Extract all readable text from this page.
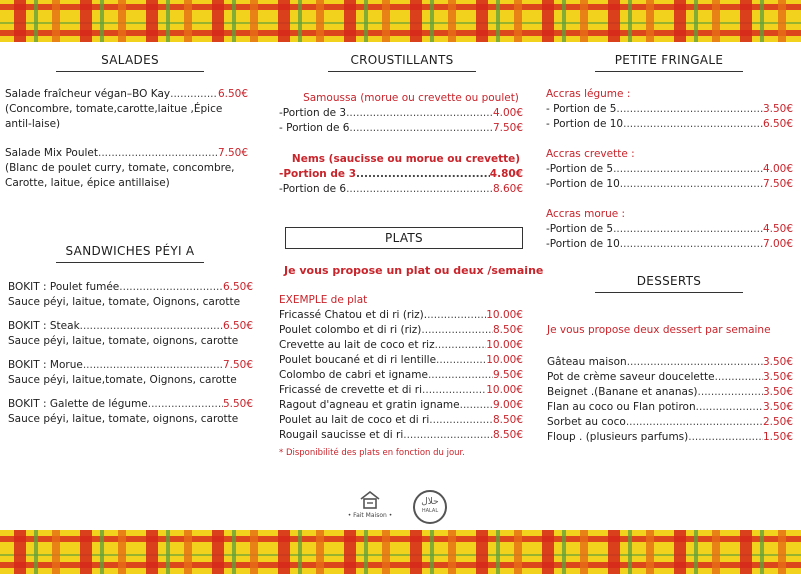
SALADES
Salade fraîcheur végan–BO Kay .....	6.50€
(Concombre, tomate,carotte,laitue ,Épice antil-laise)
Salade Mix Poulet .....	7.50€
(Blanc de poulet curry, tomate, concombre, Carotte, laitue, épice antillaise)
SANDWICHES PÉYI A
BOKIT : Poulet fumée .....	6.50€
Sauce péyi, laitue, tomate, Oignons, carotte
BOKIT : Steak .....	6.50€
Sauce péyi, laitue, tomate, oignons, carotte
BOKIT : Morue .....	7.50€
Sauce péyi, laitue,tomate, Oignons, carotte
BOKIT : Galette de légume .....	5.50€
Sauce péyi, laitue, tomate, oignons, carotte
CROUSTILLANTS
Samoussa (morue ou crevette ou poulet)
-Portion de 3 .....	4.00€
- Portion de 6 .....	7.50€
Nems (saucisse ou morue ou crevette)
-Portion de 3 .....	4.80€
-Portion de 6 .....	8.60€
PLATS
Je vous propose un plat ou deux /semaine
EXEMPLE de plat
Fricassé Chatou et di ri (riz). .....	10.00€
Poulet colombo et di ri (riz) .....	8.50€
Crevette au lait de coco et riz .....	10.00€
Poulet boucané et di ri lentille .....	10.00€
Colombo de cabri et igname .....	9.50€
Fricassé de crevette et di ri .....	10.00€
Ragout d'agneau et gratin igname .....	9.00€
Poulet au lait de coco et di ri .....	8.50€
Rougail saucisse et di ri .....	8.50€
* Disponibilité des plats en fonction du jour.
PETITE FRINGALE
Accras légume :
- Portion de 5 .....	3.50€
- Portion de 10 .....	6.50€
Accras crevette :
-Portion de 5 .....	4.00€
-Portion de 10 .....	7.50€
Accras morue :
-Portion de 5 .....	4.50€
-Portion de 10 .....	7.00€
DESSERTS
Je vous propose deux dessert par semaine
Gâteau maison .....	3.50€
Pot de crème saveur doucelette .....	3.50€
Beignet .(Banane et ananas) .....	3.50€
Flan au coco ou Flan potiron .....	3.50€
Sorbet au coco .....	2.50€
Floup . (plusieurs parfums) .....	1.50€
• Fait Maison •
حلال
HALAL
